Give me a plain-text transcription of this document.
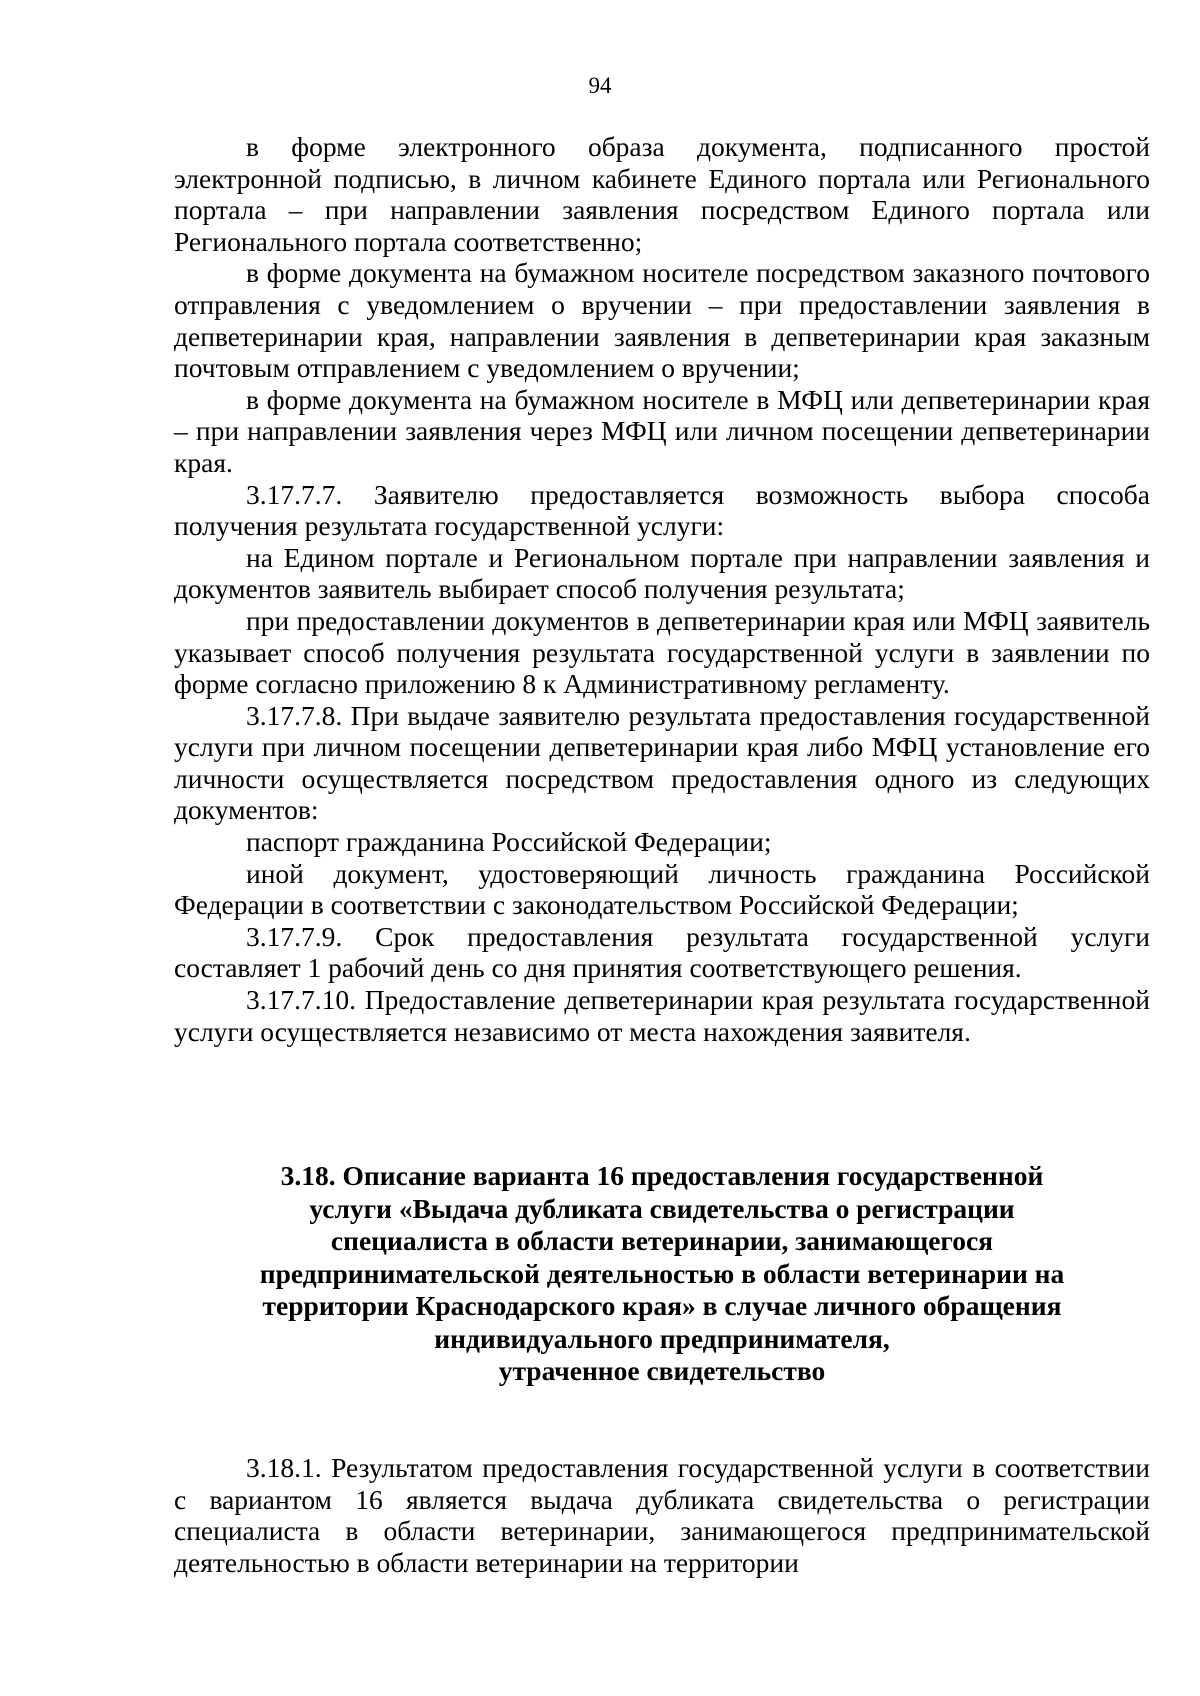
94

в форме электронного образа документа, подписанного простой электронной подписью, в личном кабинете Единого портала или Регионального портала – при направлении заявления посредством Единого портала или Регионального портала соответственно;

в форме документа на бумажном носителе посредством заказного почтового отправления с уведомлением о вручении – при предоставлении заявления в депветеринарии края, направлении заявления в депветеринарии края заказным почтовым отправлением с уведомлением о вручении;

в форме документа на бумажном носителе в МФЦ или депветеринарии края – при направлении заявления через МФЦ или личном посещении депветеринарии края.

3.17.7.7. Заявителю предоставляется возможность выбора способа получения результата государственной услуги:

на Едином портале и Региональном портале при направлении заявления и документов заявитель выбирает способ получения результата;

при предоставлении документов в депветеринарии края или МФЦ заявитель указывает способ получения результата государственной услуги в заявлении по форме согласно приложению 8 к Административному регламенту.

3.17.7.8. При выдаче заявителю результата предоставления государственной услуги при личном посещении депветеринарии края либо МФЦ установление его личности осуществляется посредством предоставления одного из следующих документов:

паспорт гражданина Российской Федерации;

иной документ, удостоверяющий личность гражданина Российской Федерации в соответствии с законодательством Российской Федерации;

3.17.7.9. Срок предоставления результата государственной услуги составляет 1 рабочий день со дня принятия соответствующего решения.

3.17.7.10. Предоставление депветеринарии края результата государственной услуги осуществляется независимо от места нахождения заявителя.

3.18. Описание варианта 16 предоставления государственной
услуги «Выдача дубликата свидетельства о регистрации
специалиста в области ветеринарии, занимающегося
предпринимательской деятельностью в области ветеринарии на
территории Краснодарского края» в случае личного обращения
индивидуального предпринимателя,
утраченное свидетельство

3.18.1. Результатом предоставления государственной услуги в соответствии с вариантом 16 является выдача дубликата свидетельства о регистрации специалиста в области ветеринарии, занимающегося предпринимательской деятельностью в области ветеринарии на территории
